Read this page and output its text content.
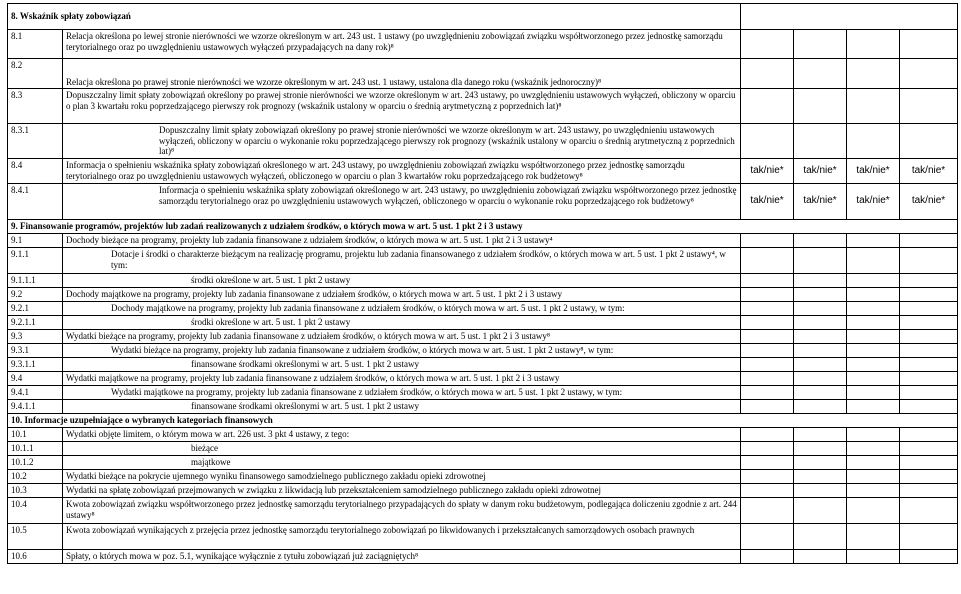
8. Wskaźnik spłaty zobowiązań					
8.1	Relacja określona po lewej stronie nierówności we wzorze określonym w art. 243 ust. 1 ustawy (po uwzględnieniu zobowiązań związku współtworzonego przez jednostkę samorządu terytorialnego oraz po uwzględnieniu ustawowych wyłączeń przypadających na dany rok)⁸				
8.2	Relacja określona po prawej stronie nierówności we wzorze określonym w art. 243 ust. 1 ustawy, ustalona dla danego roku (wskaźnik jednoroczny)⁸				
8.3	Dopuszczalny limit spłaty zobowiązań określony po prawej stronie nierówności we wzorze określonym w art. 243 ustawy, po uwzględnieniu ustawowych wyłączeń, obliczony w oparciu o plan 3 kwartału roku poprzedzającego pierwszy rok prognozy (wskaźnik ustalony w oparciu o średnią arytmetyczną z poprzednich lat)⁸				
8.3.1	Dopuszczalny limit spłaty zobowiązań określony po prawej stronie nierówności we wzorze określonym w art. 243 ustawy, po uwzględnieniu ustawowych wyłączeń, obliczony w oparciu o wykonanie roku poprzedzającego pierwszy rok prognozy (wskaźnik ustalony w oparciu o średnią arytmetyczną z poprzednich lat)⁸				
8.4	Informacja o spełnieniu wskaźnika spłaty zobowiązań określonego w art. 243 ustawy, po uwzględnieniu zobowiązań związku współtworzonego przez jednostkę samorządu terytorialnego oraz po uwzględnieniu ustawowych wyłączeń, obliczonego w oparciu o plan 3 kwartałów roku poprzedzającego rok budżetowy⁸	tak/nie*	tak/nie*	tak/nie*	tak/nie*
8.4.1	Informacja o spełnieniu wskaźnika spłaty zobowiązań określonego w art. 243 ustawy, po uwzględnieniu zobowiązań związku współtworzonego przez jednostkę samorządu terytorialnego oraz po uwzględnieniu ustawowych wyłączeń, obliczonego w oparciu o wykonanie roku poprzedzającego rok budżetowy⁸	tak/nie*	tak/nie*	tak/nie*	tak/nie*
9. Finansowanie programów, projektów lub zadań realizowanych z udziałem środków, o których mowa w art. 5 ust. 1 pkt 2 i 3 ustawy					
9.1	Dochody bieżące na programy, projekty lub zadania finansowane z udziałem środków, o których mowa w art. 5 ust. 1 pkt 2 i 3 ustawy⁴				
9.1.1	Dotacje i środki o charakterze bieżącym na realizację programu, projektu lub zadania finansowanego z udziałem środków, o których mowa w art. 5 ust. 1 pkt 2 ustawy⁴, w tym:				
9.1.1.1	środki określone w art. 5 ust. 1 pkt 2 ustawy				
9.2	Dochody majątkowe na programy, projekty lub zadania finansowane z udziałem środków, o których mowa w art. 5 ust. 1 pkt 2 i 3 ustawy				
9.2.1	Dochody majątkowe na programy, projekty lub zadania finansowane z udziałem środków, o których mowa w art. 5 ust. 1 pkt 2 ustawy, w tym:				
9.2.1.1	środki określone w art. 5 ust. 1 pkt 2 ustawy				
9.3	Wydatki bieżące na programy, projekty lub zadania finansowane z udziałem środków, o których mowa w art. 5 ust. 1 pkt 2 i 3 ustawy⁸				
9.3.1	Wydatki bieżące na programy, projekty lub zadania finansowane z udziałem środków, o których mowa w art. 5 ust. 1 pkt 2 ustawy⁸, w tym:				
9.3.1.1	finansowane środkami określonymi w art. 5 ust. 1 pkt 2 ustawy				
9.4	Wydatki majątkowe na programy, projekty lub zadania finansowane z udziałem środków, o których mowa w art. 5 ust. 1 pkt 2 i 3 ustawy				
9.4.1	Wydatki majątkowe na programy, projekty lub zadania finansowane z udziałem środków, o których mowa w art. 5 ust. 1 pkt 2 ustawy, w tym:				
9.4.1.1	finansowane środkami określonymi w art. 5 ust. 1 pkt 2 ustawy				
10. Informacje uzupełniające o wybranych kategoriach finansowych					
10.1	Wydatki objęte limitem, o którym mowa w art. 226 ust. 3 pkt 4 ustawy, z tego:				
10.1.1	bieżące				
10.1.2	majątkowe				
10.2	Wydatki bieżące na pokrycie ujemnego wyniku finansowego samodzielnego publicznego zakładu opieki zdrowotnej				
10.3	Wydatki na spłatę zobowiązań przejmowanych w związku z likwidacją lub przekształceniem samodzielnego publicznego zakładu opieki zdrowotnej				
10.4	Kwota zobowiązań związku współtworzonego przez jednostkę samorządu terytorialnego przypadających do spłaty w danym roku budżetowym, podlegająca doliczeniu zgodnie z art. 244 ustawy⁸				
10.5	Kwota zobowiązań wynikających z przejęcia przez jednostkę samorządu terytorialnego zobowiązań po likwidowanych i przekształcanych samorządowych osobach prawnych				
10.6	Spłaty, o których mowa w poz. 5.1, wynikające wyłącznie z tytułu zobowiązań już zaciągniętych⁸				
